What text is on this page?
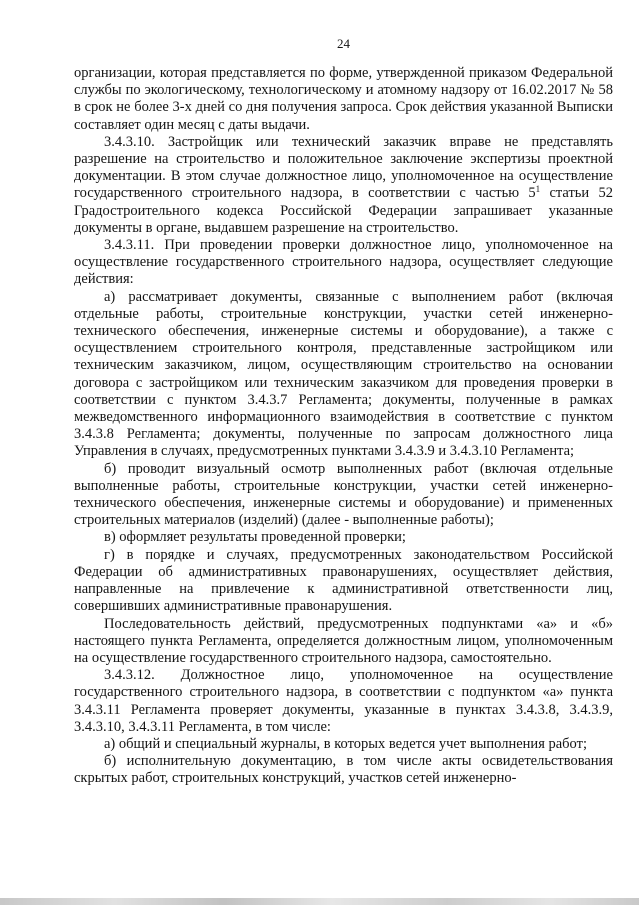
24

организации, которая представляется по форме, утвержденной приказом Федеральной службы по экологическому, технологическому и атомному надзору от 16.02.2017 № 58 в срок не более 3-х дней со дня получения запроса. Срок действия указанной Выписки составляет один месяц с даты выдачи.

3.4.3.10. Застройщик или технический заказчик вправе не представлять разрешение на строительство и положительное заключение экспертизы проектной документации. В этом случае должностное лицо, уполномоченное на осуществление государственного строительного надзора, в соответствии с частью $5^1$ статьи 52 Градостроительного кодекса Российской Федерации запрашивает указанные документы в органе, выдавшем разрешение на строительство.

3.4.3.11. При проведении проверки должностное лицо, уполномоченное на осуществление государственного строительного надзора, осуществляет следующие действия:

а) рассматривает документы, связанные с выполнением работ (включая отдельные работы, строительные конструкции, участки сетей инженерно-технического обеспечения, инженерные системы и оборудование), а также с осуществлением строительного контроля, представленные застройщиком или техническим заказчиком, лицом, осуществляющим строительство на основании договора с застройщиком или техническим заказчиком для проведения проверки в соответствии с пунктом 3.4.3.7 Регламента; документы, полученные в рамках межведомственного информационного взаимодействия в соответствие с пунктом 3.4.3.8 Регламента; документы, полученные по запросам должностного лица Управления в случаях, предусмотренных пунктами 3.4.3.9 и 3.4.3.10 Регламента;

б) проводит визуальный осмотр выполненных работ (включая отдельные выполненные работы, строительные конструкции, участки сетей инженерно-технического обеспечения, инженерные системы и оборудование) и примененных строительных материалов (изделий) (далее - выполненные работы);

в) оформляет результаты проведенной проверки;

г) в порядке и случаях, предусмотренных законодательством Российской Федерации об административных правонарушениях, осуществляет действия, направленные на привлечение к административной ответственности лиц, совершивших административные правонарушения.

Последовательность действий, предусмотренных подпунктами «а» и «б» настоящего пункта Регламента, определяется должностным лицом, уполномоченным на осуществление государственного строительного надзора, самостоятельно.

3.4.3.12. Должностное лицо, уполномоченное на осуществление государственного строительного надзора, в соответствии с подпунктом «а» пункта 3.4.3.11 Регламента проверяет документы, указанные в пунктах 3.4.3.8, 3.4.3.9, 3.4.3.10, 3.4.3.11 Регламента, в том числе:

а) общий и специальный журналы, в которых ведется учет выполнения работ;

б) исполнительную документацию, в том числе акты освидетельствования скрытых работ, строительных конструкций, участков сетей инженерно-
